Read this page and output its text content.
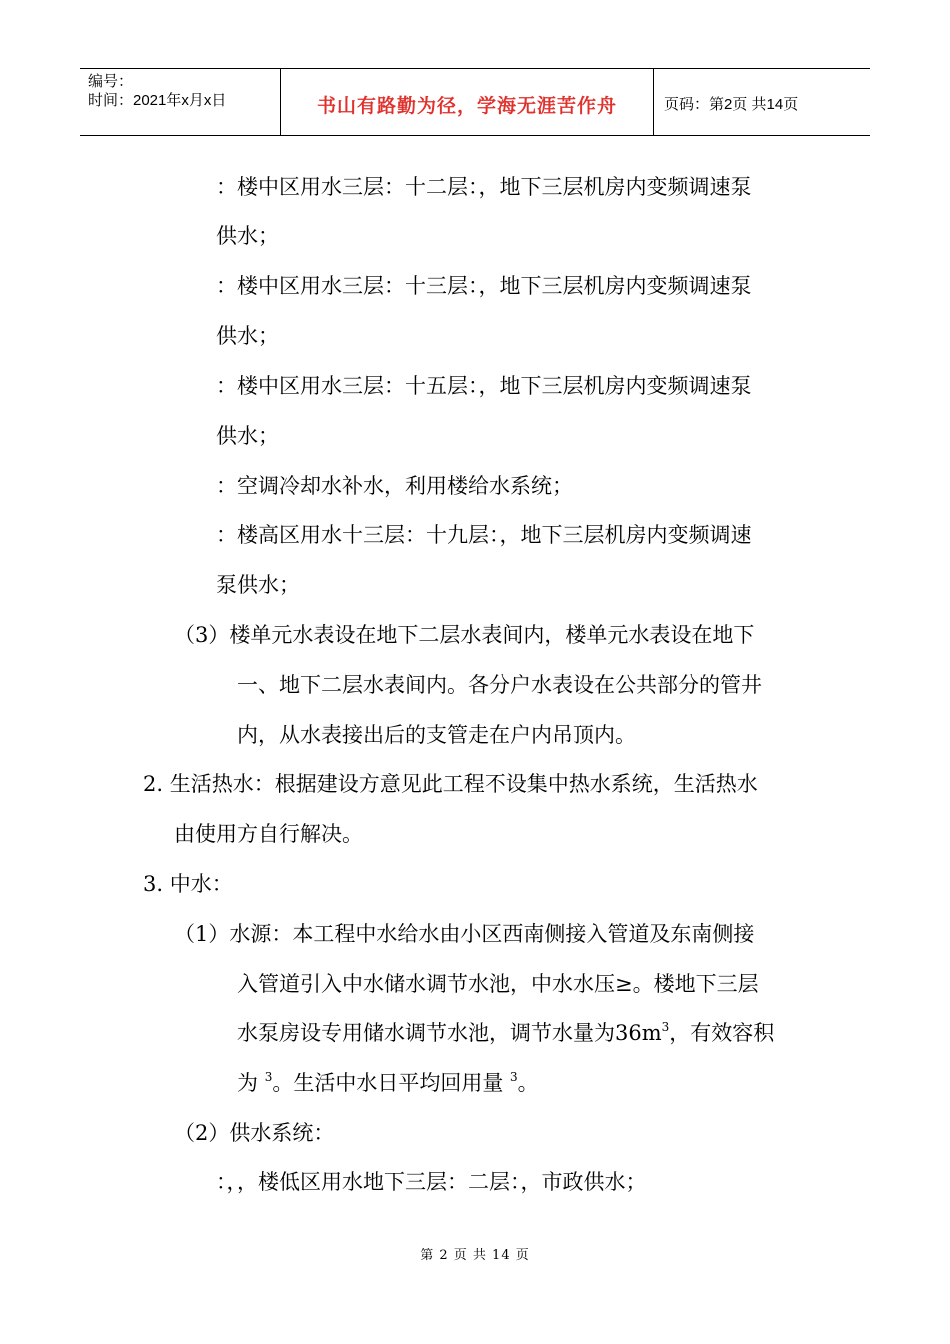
编号：
时间：2021年x月x日	书山有路勤为径，学海无涯苦作舟	页码：第2页 共14页
：楼中区用水三层：十二层：，地下三层机房内变频调速泵
供水；
：楼中区用水三层：十三层：，地下三层机房内变频调速泵
供水；
：楼中区用水三层：十五层：，地下三层机房内变频调速泵
供水；
：空调冷却水补水，利用楼给水系统；
：楼高区用水十三层：十九层：，地下三层机房内变频调速
泵供水；
（3）楼单元水表设在地下二层水表间内，楼单元水表设在地下
一、地下二层水表间内。各分户水表设在公共部分的管井
内，从水表接出后的支管走在户内吊顶内。
2. 生活热水：根据建设方意见此工程不设集中热水系统，生活热水
由使用方自行解决。
3. 中水：
（1）水源：本工程中水给水由小区西南侧接入管道及东南侧接
入管道引入中水储水调节水池，中水水压≥。楼地下三层
水泵房设专用储水调节水池，调节水量为$36m^3$，有效容积
为 $^3$。生活中水日平均回用量 $^3$。
（2）供水系统：
：，，楼低区用水地下三层：二层：，市政供水；
第 2 页 共 14 页
